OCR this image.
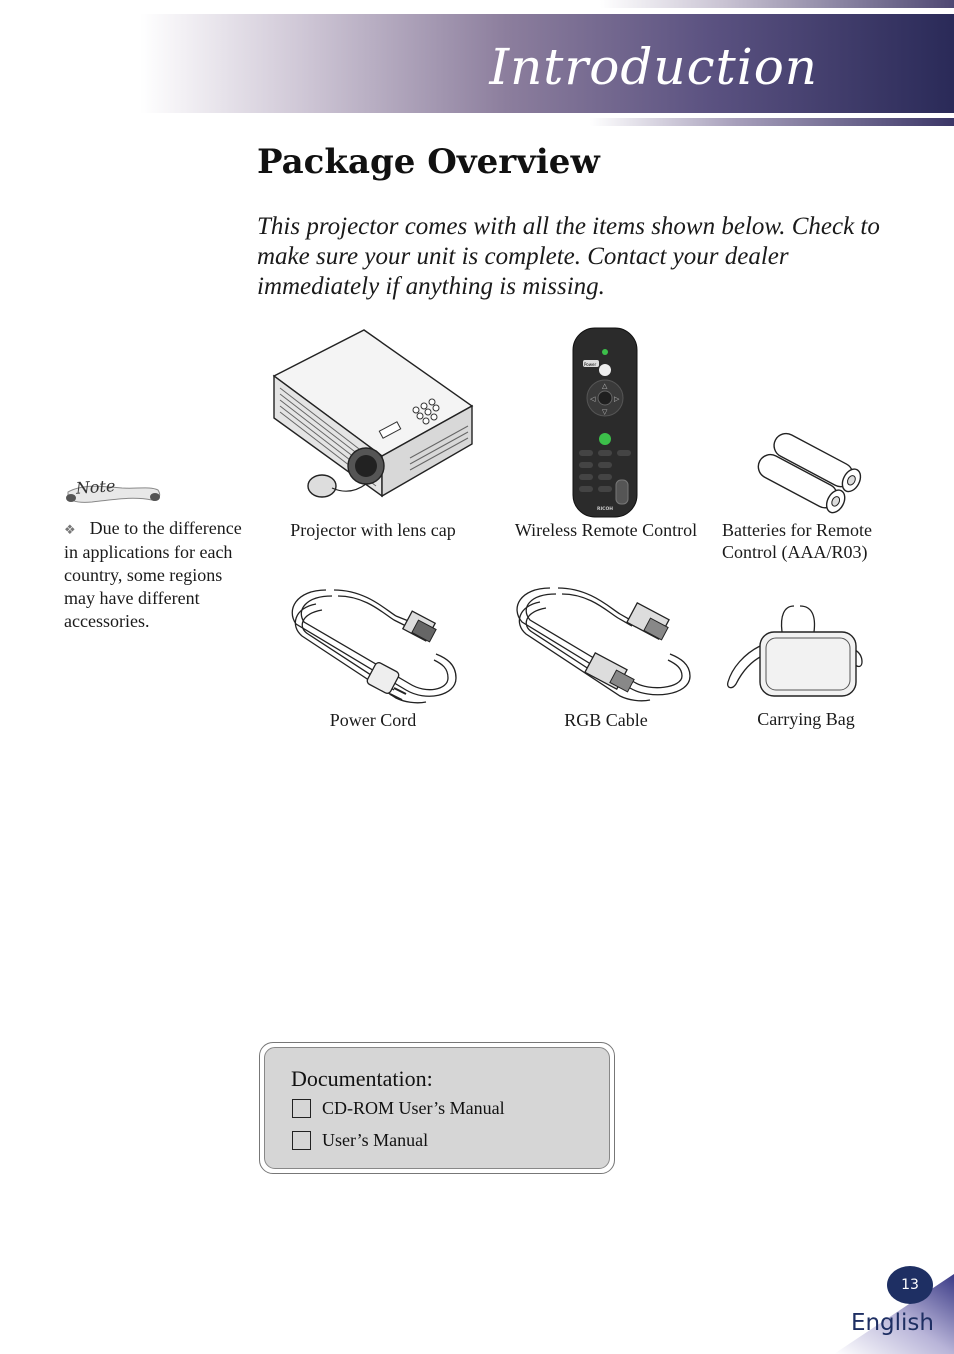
Introduction
Package Overview
This projector comes with all the items shown below. Check to make sure your unit is complete. Contact your dealer immediately if anything is missing.
Note
❖ Due to the difference in applications for each country, some regions may have different accessories.
Projector with lens cap
Power
△
▽
◁	▷
RICOH
Wireless Remote Control	Batteries for Remote Control (AAA/R03)
Power Cord	RGB Cable	Carrying Bag
Documentation:
CD-ROM User’s Manual
User’s Manual
13
English
